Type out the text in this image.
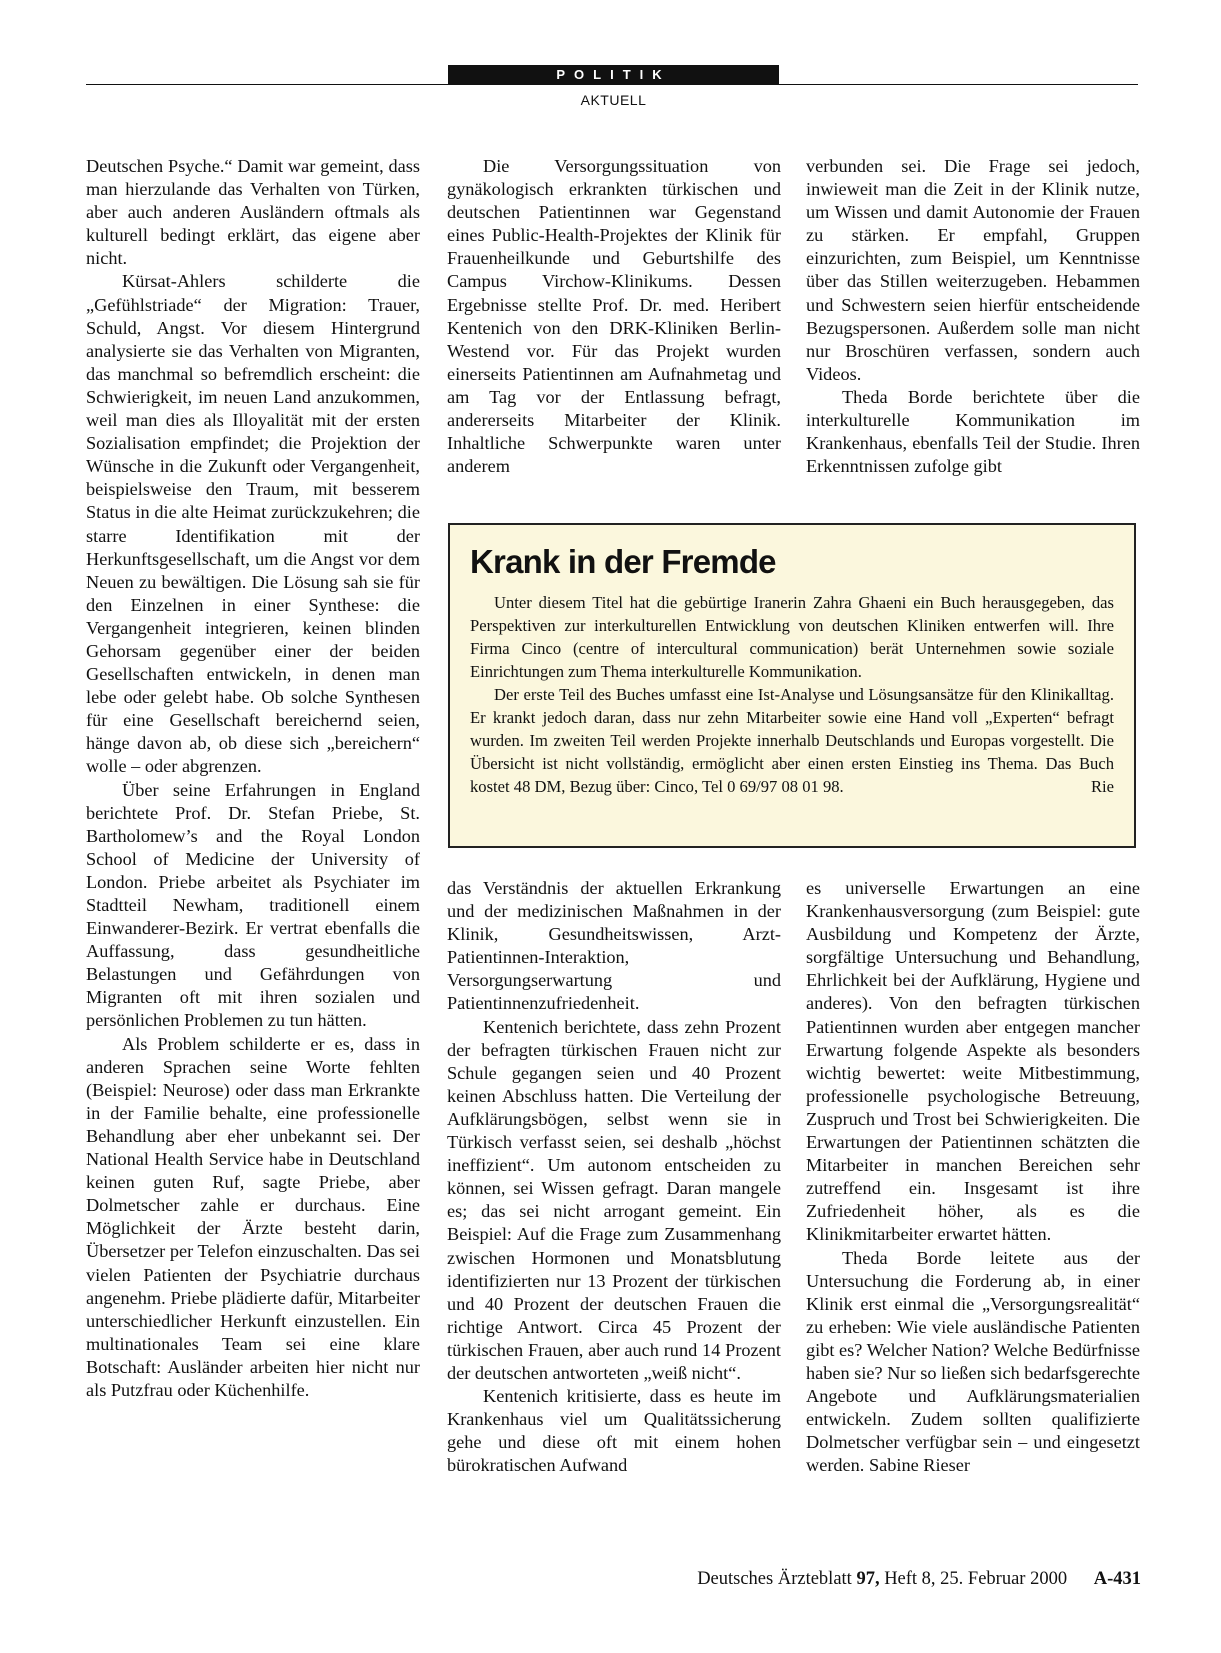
POLITIK
AKTUELL

Deutschen Psyche.“ Damit war gemeint, dass man hierzulande das Verhalten von Türken, aber auch anderen Ausländern oftmals als kulturell bedingt erklärt, das eigene aber nicht.

Kürsat-Ahlers schilderte die „Gefühlstriade“ der Migration: Trauer, Schuld, Angst. Vor diesem Hintergrund analysierte sie das Verhalten von Migranten, das manchmal so befremdlich erscheint: die Schwierigkeit, im neuen Land anzukommen, weil man dies als Illoyalität mit der ersten Sozialisation empfindet; die Projektion der Wünsche in die Zukunft oder Vergangenheit, beispielsweise den Traum, mit besserem Status in die alte Heimat zurückzukehren; die starre Identifikation mit der Herkunftsgesellschaft, um die Angst vor dem Neuen zu bewältigen. Die Lösung sah sie für den Einzelnen in einer Synthese: die Vergangenheit integrieren, keinen blinden Gehorsam gegenüber einer der beiden Gesellschaften entwickeln, in denen man lebe oder gelebt habe. Ob solche Synthesen für eine Gesellschaft bereichernd seien, hänge davon ab, ob diese sich „bereichern“ wolle – oder abgrenzen.

Über seine Erfahrungen in England berichtete Prof. Dr. Stefan Priebe, St. Bartholomew’s and the Royal London School of Medicine der University of London. Priebe arbeitet als Psychiater im Stadtteil Newham, traditionell einem Einwanderer-Bezirk. Er vertrat ebenfalls die Auffassung, dass gesundheitliche Belastungen und Gefährdungen von Migranten oft mit ihren sozialen und persönlichen Problemen zu tun hätten.

Als Problem schilderte er es, dass in anderen Sprachen seine Worte fehlten (Beispiel: Neurose) oder dass man Erkrankte in der Familie behalte, eine professionelle Behandlung aber eher unbekannt sei. Der National Health Service habe in Deutschland keinen guten Ruf, sagte Priebe, aber Dolmetscher zahle er durchaus. Eine Möglichkeit der Ärzte besteht darin, Übersetzer per Telefon einzuschalten. Das sei vielen Patienten der Psychiatrie durchaus angenehm. Priebe plädierte dafür, Mitarbeiter unterschiedlicher Herkunft einzustellen. Ein multinationales Team sei eine klare Botschaft: Ausländer arbeiten hier nicht nur als Putzfrau oder Küchenhilfe.

Die Versorgungssituation von gynäkologisch erkrankten türkischen und deutschen Patientinnen war Gegenstand eines Public-Health-Projektes der Klinik für Frauenheilkunde und Geburtshilfe des Campus Virchow-Klinikums. Dessen Ergebnisse stellte Prof. Dr. med. Heribert Kentenich von den DRK-Kliniken Berlin-Westend vor. Für das Projekt wurden einerseits Patientinnen am Aufnahmetag und am Tag vor der Entlassung befragt, andererseits Mitarbeiter der Klinik. Inhaltliche Schwerpunkte waren unter anderem

verbunden sei. Die Frage sei jedoch, inwieweit man die Zeit in der Klinik nutze, um Wissen und damit Autonomie der Frauen zu stärken. Er empfahl, Gruppen einzurichten, zum Beispiel, um Kenntnisse über das Stillen weiterzugeben. Hebammen und Schwestern seien hierfür entscheidende Bezugspersonen. Außerdem solle man nicht nur Broschüren verfassen, sondern auch Videos.

Theda Borde berichtete über die interkulturelle Kommunikation im Krankenhaus, ebenfalls Teil der Studie. Ihren Erkenntnissen zufolge gibt

Krank in der Fremde

Unter diesem Titel hat die gebürtige Iranerin Zahra Ghaeni ein Buch herausgegeben, das Perspektiven zur interkulturellen Entwicklung von deutschen Kliniken entwerfen will. Ihre Firma Cinco (centre of intercultural communication) berät Unternehmen sowie soziale Einrichtungen zum Thema interkulturelle Kommunikation.

Der erste Teil des Buches umfasst eine Ist-Analyse und Lösungsansätze für den Klinikalltag. Er krankt jedoch daran, dass nur zehn Mitarbeiter sowie eine Hand voll „Experten“ befragt wurden. Im zweiten Teil werden Projekte innerhalb Deutschlands und Europas vorgestellt. Die Übersicht ist nicht vollständig, ermöglicht aber einen ersten Einstieg ins Thema. Das Buch kostet 48 DM, Bezug über: Cinco, Tel 0 69/97 08 01 98.	Rie

das Verständnis der aktuellen Erkrankung und der medizinischen Maßnahmen in der Klinik, Gesundheitswissen, Arzt-Patientinnen-Interaktion, Versorgungserwartung und Patientinnenzufriedenheit.

Kentenich berichtete, dass zehn Prozent der befragten türkischen Frauen nicht zur Schule gegangen seien und 40 Prozent keinen Abschluss hatten. Die Verteilung der Aufklärungsbögen, selbst wenn sie in Türkisch verfasst seien, sei deshalb „höchst ineffizient“. Um autonom entscheiden zu können, sei Wissen gefragt. Daran mangele es; das sei nicht arrogant gemeint. Ein Beispiel: Auf die Frage zum Zusammenhang zwischen Hormonen und Monatsblutung identifizierten nur 13 Prozent der türkischen und 40 Prozent der deutschen Frauen die richtige Antwort. Circa 45 Prozent der türkischen Frauen, aber auch rund 14 Prozent der deutschen antworteten „weiß nicht“.

Kentenich kritisierte, dass es heute im Krankenhaus viel um Qualitätssicherung gehe und diese oft mit einem hohen bürokratischen Aufwand

es universelle Erwartungen an eine Krankenhausversorgung (zum Beispiel: gute Ausbildung und Kompetenz der Ärzte, sorgfältige Untersuchung und Behandlung, Ehrlichkeit bei der Aufklärung, Hygiene und anderes). Von den befragten türkischen Patientinnen wurden aber entgegen mancher Erwartung folgende Aspekte als besonders wichtig bewertet: weite Mitbestimmung, professionelle psychologische Betreuung, Zuspruch und Trost bei Schwierigkeiten. Die Erwartungen der Patientinnen schätzten die Mitarbeiter in manchen Bereichen sehr zutreffend ein. Insgesamt ist ihre Zufriedenheit höher, als es die Klinikmitarbeiter erwartet hätten.

Theda Borde leitete aus der Untersuchung die Forderung ab, in einer Klinik erst einmal die „Versorgungsrealität“ zu erheben: Wie viele ausländische Patienten gibt es? Welcher Nation? Welche Bedürfnisse haben sie? Nur so ließen sich bedarfsgerechte Angebote und Aufklärungsmaterialien entwickeln. Zudem sollten qualifizierte Dolmetscher verfügbar sein – und eingesetzt werden. Sabine Rieser

Deutsches Ärzteblatt 97, Heft 8, 25. Februar 2000 A-431
